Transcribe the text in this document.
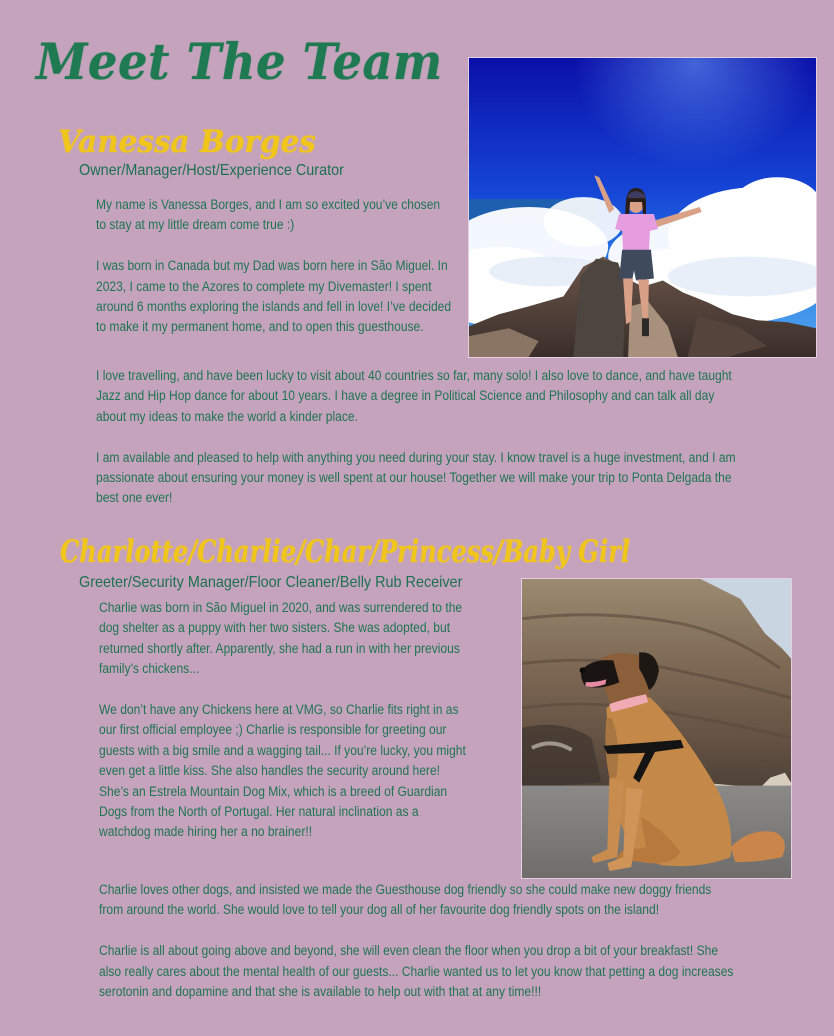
Meet The Team
Vanessa Borges
Owner/Manager/Host/Experience Curator

My name is Vanessa Borges, and I am so excited you’ve chosen to stay at my little dream come true :)

I was born in Canada but my Dad was born here in São Miguel. In 2023, I came to the Azores to complete my Divemaster! I spent around 6 months exploring the islands and fell in love! I’ve decided to make it my permanent home, and to open this guesthouse.

I love travelling, and have been lucky to visit about 40 countries so far, many solo! I also love to dance, and have taught Jazz and Hip Hop dance for about 10 years. I have a degree in Political Science and Philosophy and can talk all day about my ideas to make the world a kinder place.

I am available and pleased to help with anything you need during your stay. I know travel is a huge investment, and I am passionate about ensuring your money is well spent at our house! Together we will make your trip to Ponta Delgada the best one ever!

Charlotte/Charlie/Char/Princess/Baby Girl
Greeter/Security Manager/Floor Cleaner/Belly Rub Receiver

Charlie was born in São Miguel in 2020, and was surrendered to the dog shelter as a puppy with her two sisters. She was adopted, but returned shortly after. Apparently, she had a run in with her previous family’s chickens...

We don’t have any Chickens here at VMG, so Charlie fits right in as our first official employee ;) Charlie is responsible for greeting our guests with a big smile and a wagging tail... If you’re lucky, you might even get a little kiss. She also handles the security around here! She’s an Estrela Mountain Dog Mix, which is a breed of Guardian Dogs from the North of Portugal. Her natural inclination as a watchdog made hiring her a no brainer!!

Charlie loves other dogs, and insisted we made the Guesthouse dog friendly so she could make new doggy friends from around the world. She would love to tell your dog all of her favourite dog friendly spots on the island!

Charlie is all about going above and beyond, she will even clean the floor when you drop a bit of your breakfast! She also really cares about the mental health of our guests... Charlie wanted us to let you know that petting a dog increases serotonin and dopamine and that she is available to help out with that at any time!!!
